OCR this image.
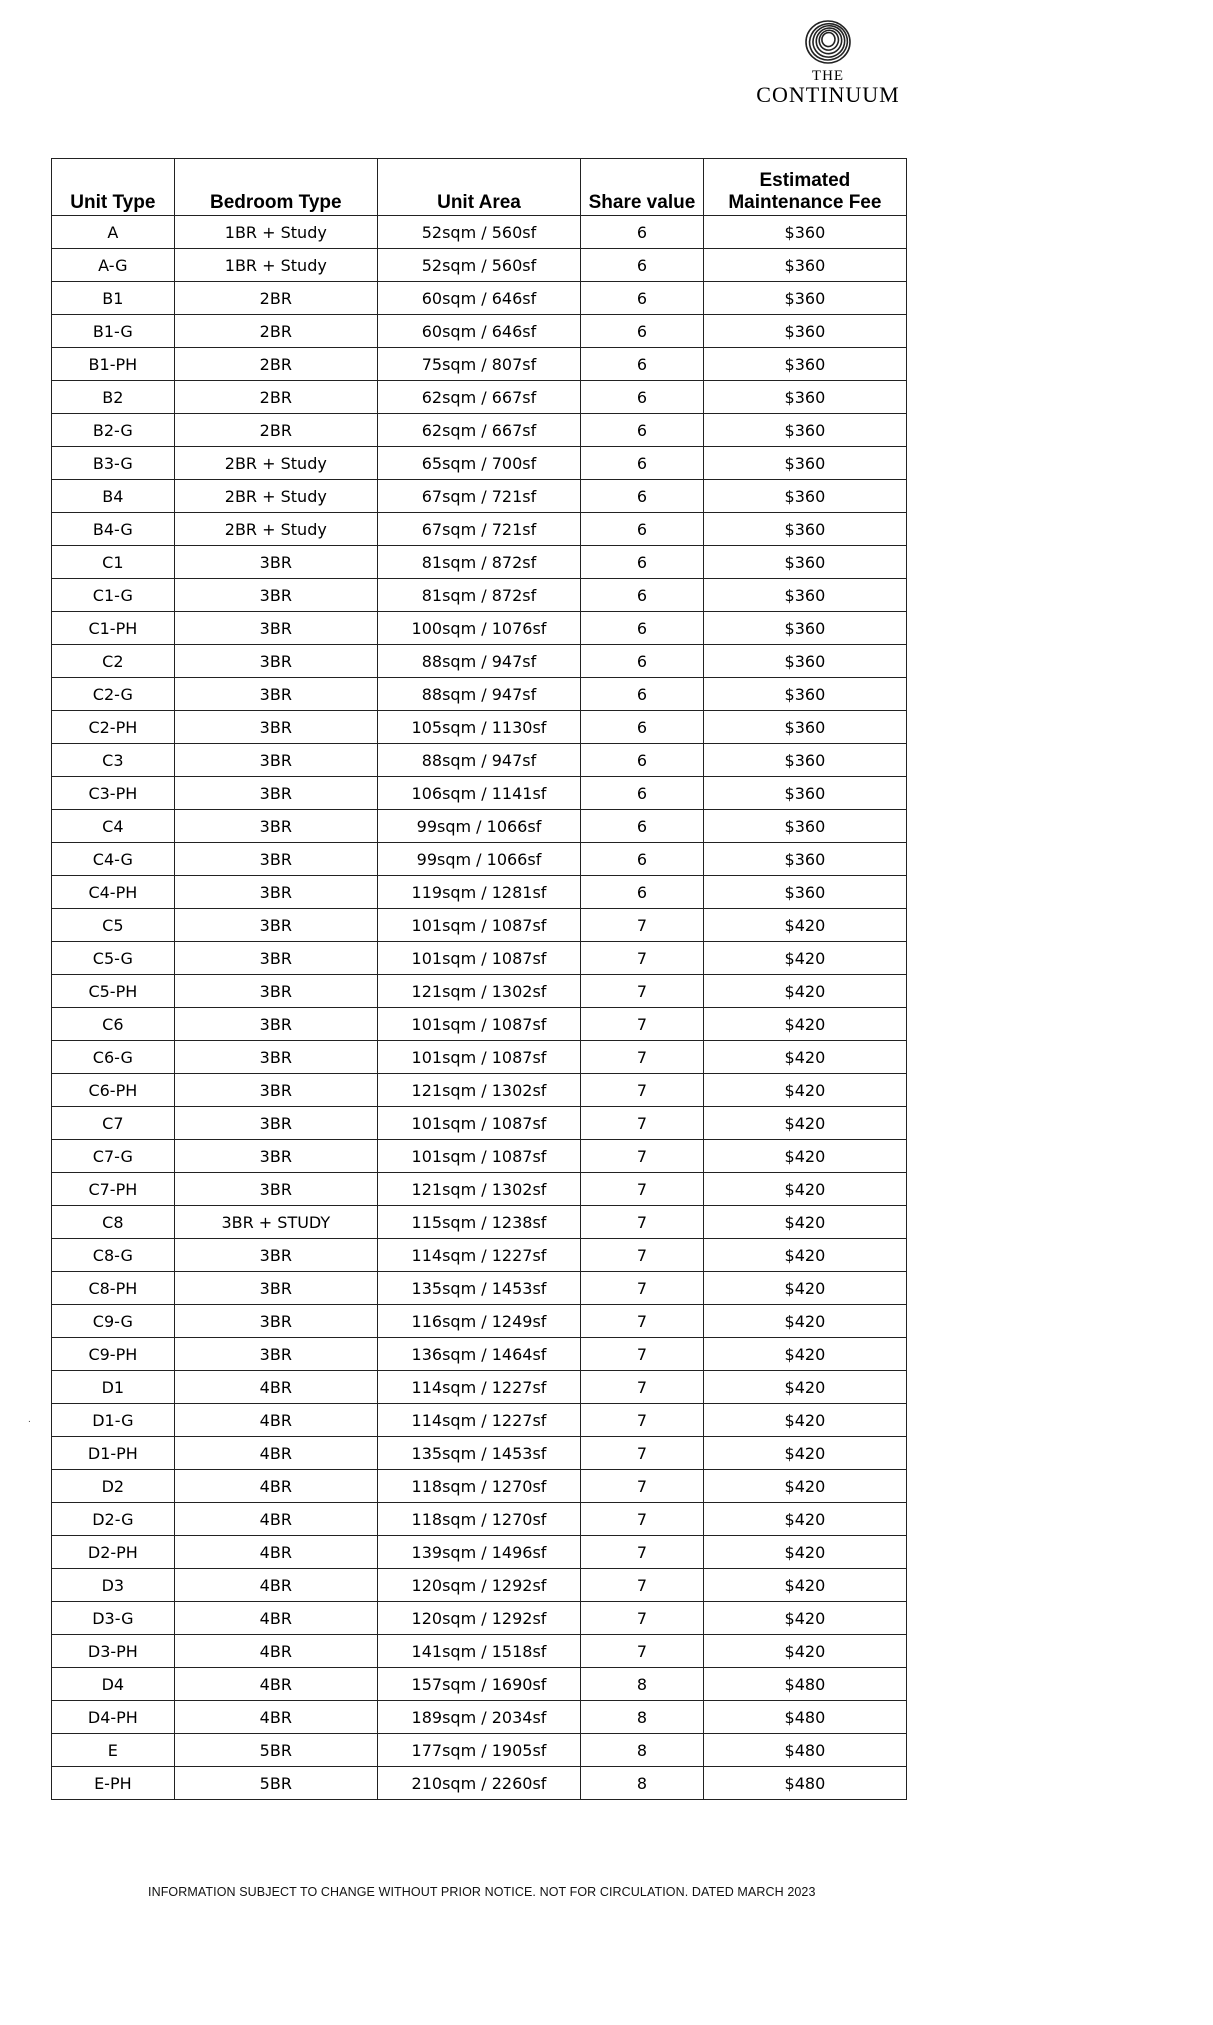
THE
CONTINUUM
Unit Type	Bedroom Type	Unit Area	Share value	Estimated Maintenance Fee
A	1BR + Study	52sqm / 560sf	6	$360
A-G	1BR + Study	52sqm / 560sf	6	$360
B1	2BR	60sqm / 646sf	6	$360
B1-G	2BR	60sqm / 646sf	6	$360
B1-PH	2BR	75sqm / 807sf	6	$360
B2	2BR	62sqm / 667sf	6	$360
B2-G	2BR	62sqm / 667sf	6	$360
B3-G	2BR + Study	65sqm / 700sf	6	$360
B4	2BR + Study	67sqm / 721sf	6	$360
B4-G	2BR + Study	67sqm / 721sf	6	$360
C1	3BR	81sqm / 872sf	6	$360
C1-G	3BR	81sqm / 872sf	6	$360
C1-PH	3BR	100sqm / 1076sf	6	$360
C2	3BR	88sqm / 947sf	6	$360
C2-G	3BR	88sqm / 947sf	6	$360
C2-PH	3BR	105sqm / 1130sf	6	$360
C3	3BR	88sqm / 947sf	6	$360
C3-PH	3BR	106sqm / 1141sf	6	$360
C4	3BR	99sqm / 1066sf	6	$360
C4-G	3BR	99sqm / 1066sf	6	$360
C4-PH	3BR	119sqm / 1281sf	6	$360
C5	3BR	101sqm / 1087sf	7	$420
C5-G	3BR	101sqm / 1087sf	7	$420
C5-PH	3BR	121sqm / 1302sf	7	$420
C6	3BR	101sqm / 1087sf	7	$420
C6-G	3BR	101sqm / 1087sf	7	$420
C6-PH	3BR	121sqm / 1302sf	7	$420
C7	3BR	101sqm / 1087sf	7	$420
C7-G	3BR	101sqm / 1087sf	7	$420
C7-PH	3BR	121sqm / 1302sf	7	$420
C8	3BR + STUDY	115sqm / 1238sf	7	$420
C8-G	3BR	114sqm / 1227sf	7	$420
C8-PH	3BR	135sqm / 1453sf	7	$420
C9-G	3BR	116sqm / 1249sf	7	$420
C9-PH	3BR	136sqm / 1464sf	7	$420
D1	4BR	114sqm / 1227sf	7	$420
D1-G	4BR	114sqm / 1227sf	7	$420
D1-PH	4BR	135sqm / 1453sf	7	$420
D2	4BR	118sqm / 1270sf	7	$420
D2-G	4BR	118sqm / 1270sf	7	$420
D2-PH	4BR	139sqm / 1496sf	7	$420
D3	4BR	120sqm / 1292sf	7	$420
D3-G	4BR	120sqm / 1292sf	7	$420
D3-PH	4BR	141sqm / 1518sf	7	$420
D4	4BR	157sqm / 1690sf	8	$480
D4-PH	4BR	189sqm / 2034sf	8	$480
E	5BR	177sqm / 1905sf	8	$480
E-PH	5BR	210sqm / 2260sf	8	$480
.
INFORMATION SUBJECT TO CHANGE WITHOUT PRIOR NOTICE. NOT FOR CIRCULATION. DATED MARCH 2023
